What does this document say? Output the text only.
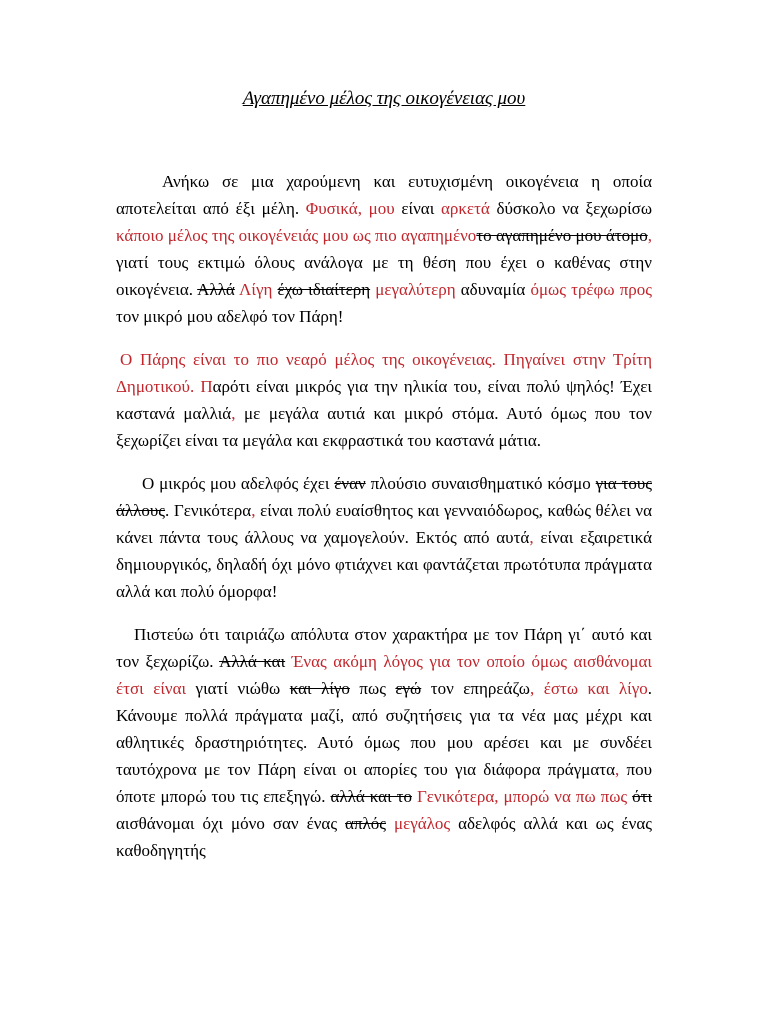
Αγαπημένο μέλος της οικογένειας μου

Ανήκω σε μια χαρούμενη και ευτυχισμένη οικογένεια η οποία αποτελείται από έξι μέλη. Φυσικά, μου είναι αρκετά δύσκολο να ξεχωρίσω κάποιο μέλος της οικογένειάς μου ως πιο αγαπημένοτο αγαπημένο μου άτομο, γιατί τους εκτιμώ όλους ανάλογα με τη θέση που έχει ο καθένας στην οικογένεια. Αλλά Λίγη έχω ιδιαίτερη μεγαλύτερη αδυναμία όμως τρέφω προς τον μικρό μου αδελφό τον Πάρη!

Ο Πάρης είναι το πιο νεαρό μέλος της οικογένειας. Πηγαίνει στην Τρίτη Δημοτικού. Παρότι είναι μικρός για την ηλικία του, είναι πολύ ψηλός! Έχει καστανά μαλλιά, με μεγάλα αυτιά και μικρό στόμα. Αυτό όμως που τον ξεχωρίζει είναι τα μεγάλα και εκφραστικά του καστανά μάτια.

Ο μικρός μου αδελφός έχει έναν πλούσιο συναισθηματικό κόσμο για τους άλλους. Γενικότερα, είναι πολύ ευαίσθητος και γενναιόδωρος, καθώς θέλει να κάνει πάντα τους άλλους να χαμογελούν. Εκτός από αυτά, είναι εξαιρετικά δημιουργικός, δηλαδή όχι μόνο φτιάχνει και φαντάζεται πρωτότυπα πράγματα αλλά και πολύ όμορφα!

Πιστεύω ότι ταιριάζω απόλυτα στον χαρακτήρα με τον Πάρη γι΄ αυτό και τον ξεχωρίζω. Αλλά και Ένας ακόμη λόγος για τον οποίο όμως αισθάνομαι έτσι είναι γιατί νιώθω και λίγο πως εγώ τον επηρεάζω, έστω και λίγο. Κάνουμε πολλά πράγματα μαζί, από συζητήσεις για τα νέα μας μέχρι και αθλητικές δραστηριότητες. Αυτό όμως που μου αρέσει και με συνδέει ταυτόχρονα με τον Πάρη είναι οι απορίες του για διάφορα πράγματα, που όποτε μπορώ του τις επεξηγώ. αλλά και το Γενικότερα, μπορώ να πω πως ότι αισθάνομαι όχι μόνο σαν ένας απλός μεγάλος αδελφός αλλά και ως ένας καθοδηγητής
